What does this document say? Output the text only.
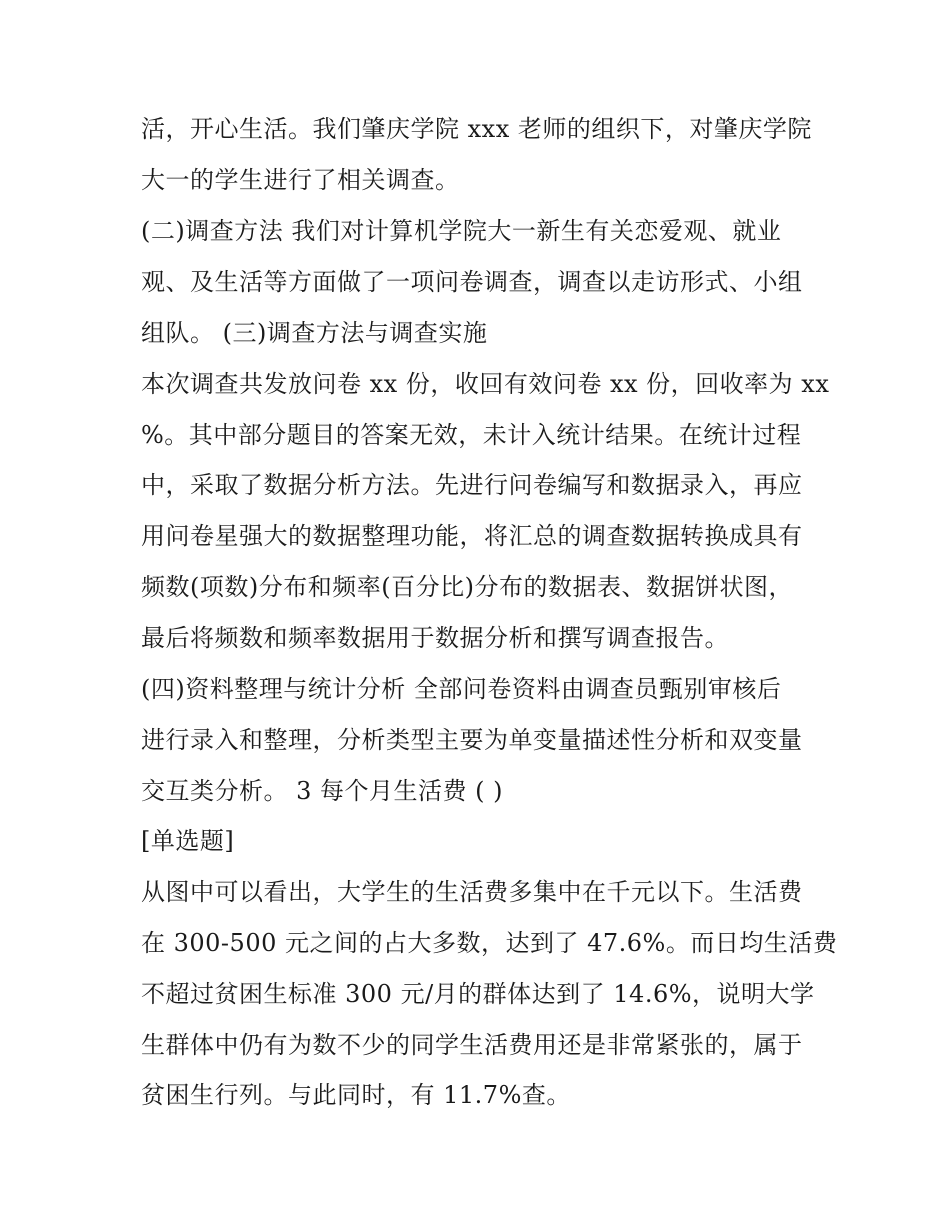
活，开心生活。我们肇庆学院 xxx 老师的组织下，对肇庆学院
大一的学生进行了相关调查。
(二)调查方法 我们对计算机学院大一新生有关恋爱观、就业
观、及生活等方面做了一项问卷调查，调查以走访形式、小组
组队。 (三)调查方法与调查实施
本次调查共发放问卷 xx 份，收回有效问卷 xx 份，回收率为 xx
%。其中部分题目的答案无效，未计入统计结果。在统计过程
中，采取了数据分析方法。先进行问卷编写和数据录入，再应
用问卷星强大的数据整理功能，将汇总的调查数据转换成具有
频数(项数)分布和频率(百分比)分布的数据表、数据饼状图，
最后将频数和频率数据用于数据分析和撰写调查报告。
(四)资料整理与统计分析 全部问卷资料由调查员甄别审核后
进行录入和整理，分析类型主要为单变量描述性分析和双变量
交互类分析。 3 每个月生活费 ( )
[单选题]
从图中可以看出，大学生的生活费多集中在千元以下。生活费
在 300-500 元之间的占大多数，达到了 47.6%。而日均生活费
不超过贫困生标准 300 元/月的群体达到了 14.6%，说明大学
生群体中仍有为数不少的同学生活费用还是非常紧张的，属于
贫困生行列。与此同时，有 11.7%查。
